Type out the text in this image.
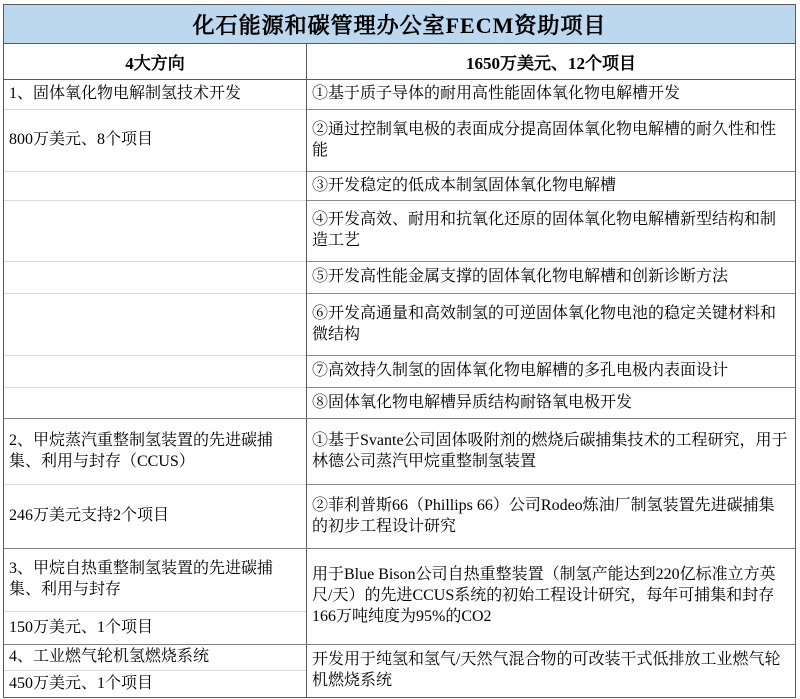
化石能源和碳管理办公室FECM资助项目
4大方向	1650万美元、12个项目
1、固体氧化物电解制氢技术开发
800万美元、8个项目
①基于质子导体的耐用高性能固体氧化物电解槽开发
②通过控制氧电极的表面成分提高固体氧化物电解槽的耐久性和性能
③开发稳定的低成本制氢固体氧化物电解槽
④开发高效、耐用和抗氧化还原的固体氧化物电解槽新型结构和制造工艺
⑤开发高性能金属支撑的固体氧化物电解槽和创新诊断方法
⑥开发高通量和高效制氢的可逆固体氧化物电池的稳定关键材料和微结构
⑦高效持久制氢的固体氧化物电解槽的多孔电极内表面设计
⑧固体氧化物电解槽异质结构耐铬氧电极开发
2、甲烷蒸汽重整制氢装置的先进碳捕集、利用与封存（CCUS）
246万美元支持2个项目
①基于Svante公司固体吸附剂的燃烧后碳捕集技术的工程研究，用于林德公司蒸汽甲烷重整制氢装置
②菲利普斯66（Phillips 66）公司Rodeo炼油厂制氢装置先进碳捕集的初步工程设计研究
3、甲烷自热重整制氢装置的先进碳捕集、利用与封存
150万美元、1个项目
用于Blue Bison公司自热重整装置（制氢产能达到220亿标准立方英尺/天）的先进CCUS系统的初始工程设计研究，每年可捕集和封存166万吨纯度为95%的CO2
4、工业燃气轮机氢燃烧系统
450万美元、1个项目
开发用于纯氢和氢气/天然气混合物的可改装干式低排放工业燃气轮机燃烧系统
